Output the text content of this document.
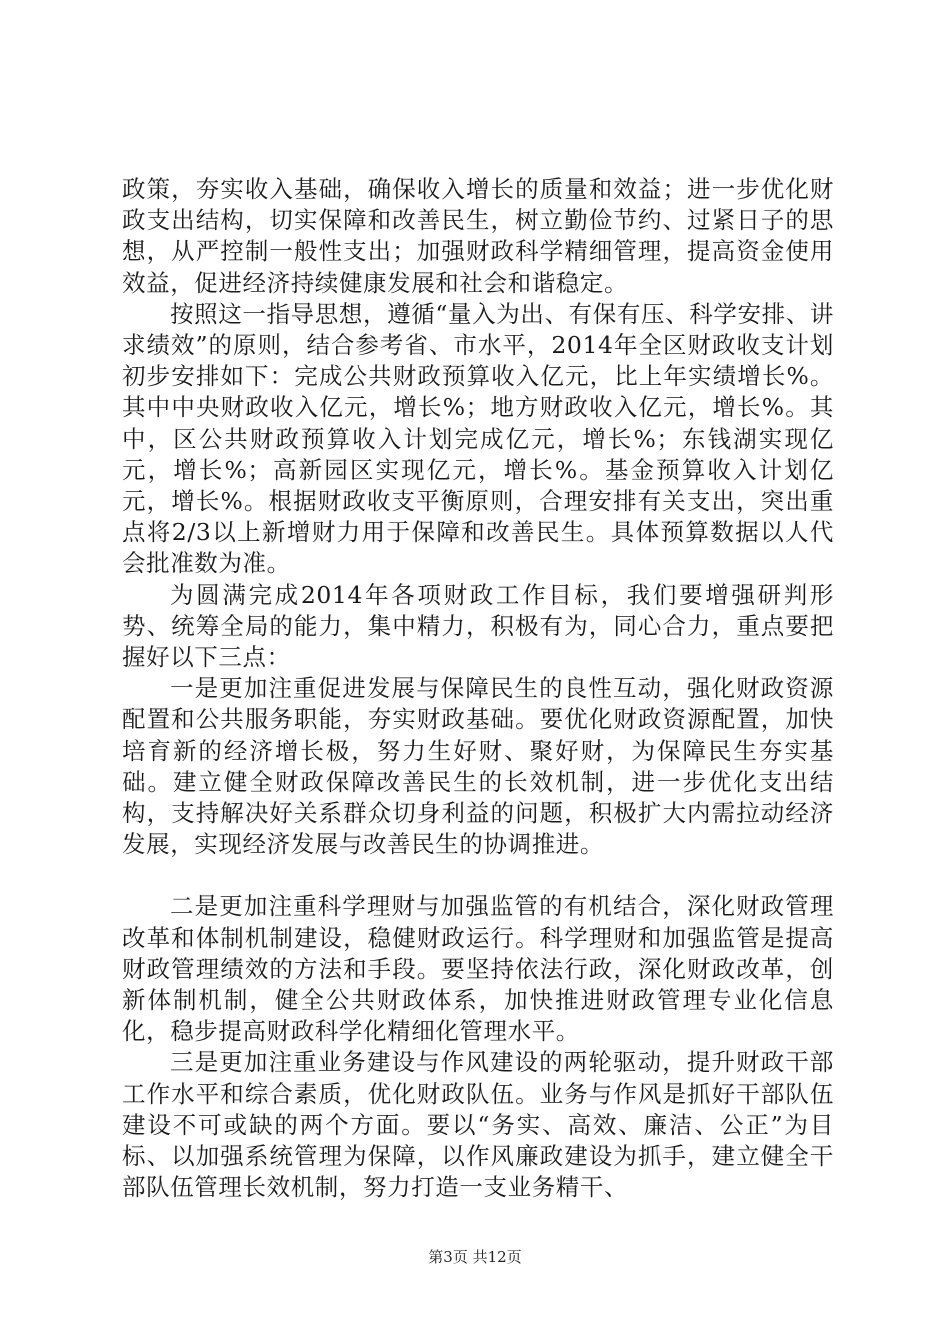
政策，夯实收入基础，确保收入增长的质量和效益；进一步优化财政支出结构，切实保障和改善民生，树立勤俭节约、过紧日子的思想，从严控制一般性支出；加强财政科学精细管理，提高资金使用效益，促进经济持续健康发展和社会和谐稳定。

按照这一指导思想，遵循“量入为出、有保有压、科学安排、讲求绩效”的原则，结合参考省、市水平，2014年全区财政收支计划初步安排如下：完成公共财政预算收入亿元，比上年实绩增长%。其中中央财政收入亿元，增长%；地方财政收入亿元，增长%。其中，区公共财政预算收入计划完成亿元，增长%；东钱湖实现亿元，增长%；高新园区实现亿元，增长%。基金预算收入计划亿元，增长%。根据财政收支平衡原则，合理安排有关支出，突出重点将2/3以上新增财力用于保障和改善民生。具体预算数据以人代会批准数为准。

为圆满完成2014年各项财政工作目标，我们要增强研判形势、统筹全局的能力，集中精力，积极有为，同心合力，重点要把握好以下三点：

一是更加注重促进发展与保障民生的良性互动，强化财政资源配置和公共服务职能，夯实财政基础。要优化财政资源配置，加快培育新的经济增长极，努力生好财、聚好财，为保障民生夯实基础。建立健全财政保障改善民生的长效机制，进一步优化支出结构，支持解决好关系群众切身利益的问题，积极扩大内需拉动经济发展，实现经济发展与改善民生的协调推进。

二是更加注重科学理财与加强监管的有机结合，深化财政管理改革和体制机制建设，稳健财政运行。科学理财和加强监管是提高财政管理绩效的方法和手段。要坚持依法行政，深化财政改革，创新体制机制，健全公共财政体系，加快推进财政管理专业化信息化，稳步提高财政科学化精细化管理水平。

三是更加注重业务建设与作风建设的两轮驱动，提升财政干部工作水平和综合素质，优化财政队伍。业务与作风是抓好干部队伍建设不可或缺的两个方面。要以“务实、高效、廉洁、公正”为目标、以加强系统管理为保障，以作风廉政建设为抓手，建立健全干部队伍管理长效机制，努力打造一支业务精干、

第3页 共12页
